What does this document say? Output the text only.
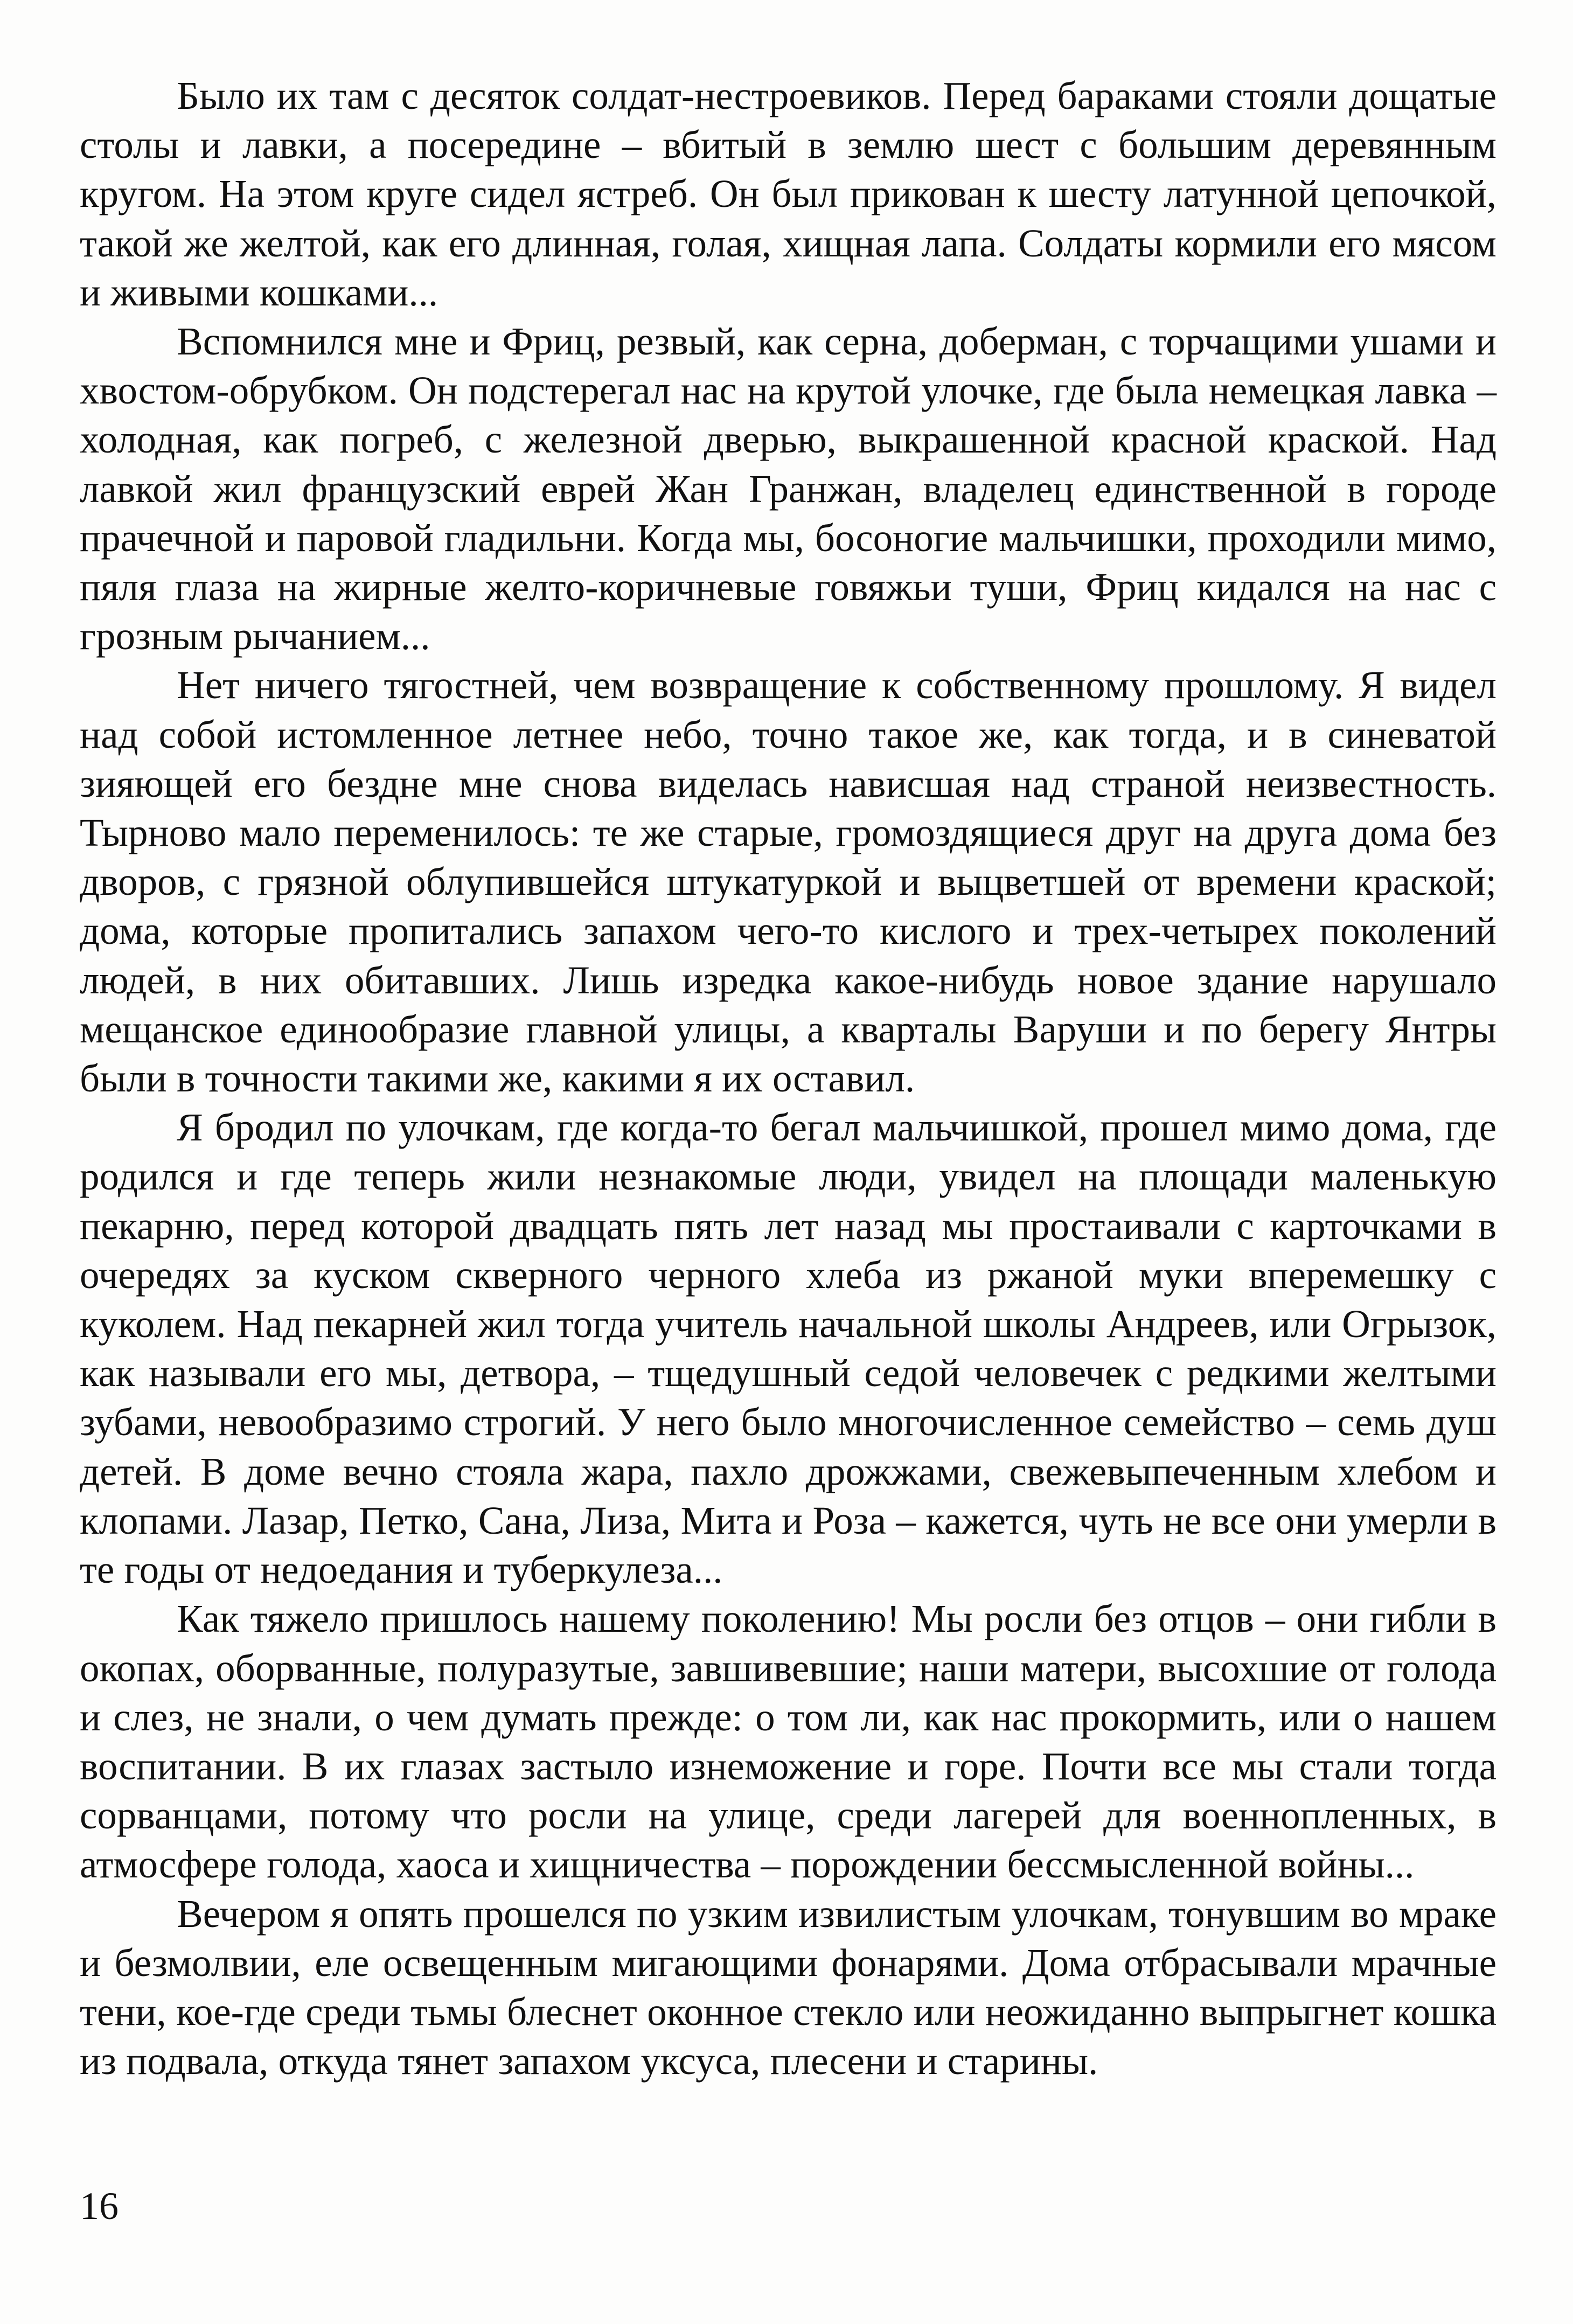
Было их там с десяток солдат-нестроевиков. Перед бараками стояли дощатые столы и лавки, а посередине – вбитый в землю шест с большим деревянным кругом. На этом круге сидел ястреб. Он был прикован к шесту латунной цепочкой, такой же желтой, как его длинная, голая, хищная лапа. Солдаты кормили его мясом и живыми кошками...

Вспомнился мне и Фриц, резвый, как серна, доберман, с торчащими ушами и хвостом-обрубком. Он подстерегал нас на крутой улочке, где была немецкая лавка – холодная, как погреб, с железной дверью, выкрашенной красной краской. Над лавкой жил французский еврей Жан Гранжан, владелец единственной в городе прачечной и паровой гладильни. Когда мы, босоногие мальчишки, проходили мимо, пяля глаза на жирные желто-коричневые говяжьи туши, Фриц кидался на нас с грозным рычанием...

Нет ничего тягостней, чем возвращение к собственному прошлому. Я видел над собой истомленное летнее небо, точно такое же, как тогда, и в синеватой зияющей его бездне мне снова виделась нависшая над страной неизвестность. Тырново мало переменилось: те же старые, громоздящиеся друг на друга дома без дворов, с грязной облупившейся штукатуркой и выцветшей от времени краской; дома, которые пропитались запахом чего-то кислого и трех-четырех поколений людей, в них обитавших. Лишь изредка какое-нибудь новое здание нарушало мещанское единообразие главной улицы, а кварталы Варуши и по берегу Янтры были в точности такими же, какими я их оставил.

Я бродил по улочкам, где когда-то бегал мальчишкой, прошел мимо дома, где родился и где теперь жили незнакомые люди, увидел на площади маленькую пекарню, перед которой двадцать пять лет назад мы простаивали с карточками в очередях за куском скверного черного хлеба из ржаной муки вперемешку с куколем. Над пекарней жил тогда учитель начальной школы Андреев, или Огрызок, как называли его мы, детвора, – тщедушный седой человечек с редкими желтыми зубами, невообразимо строгий. У него было многочисленное семейство – семь душ детей. В доме вечно стояла жара, пахло дрожжами, свежевыпеченным хлебом и клопами. Лазар, Петко, Сана, Лиза, Мита и Роза – кажется, чуть не все они умерли в те годы от недоедания и туберкулеза...

Как тяжело пришлось нашему поколению! Мы росли без отцов – они гибли в окопах, оборванные, полуразутые, завшивевшие; наши матери, высохшие от голода и слез, не знали, о чем думать прежде: о том ли, как нас прокормить, или о нашем воспитании. В их глазах застыло изнеможение и горе. Почти все мы стали тогда сорванцами, потому что росли на улице, среди лагерей для военнопленных, в атмосфере голода, хаоса и хищничества – порождении бессмысленной войны...

Вечером я опять прошелся по узким извилистым улочкам, тонувшим во мраке и безмолвии, еле освещенным мигающими фонарями. Дома отбрасывали мрачные тени, кое-где среди тьмы блеснет оконное стекло или неожиданно выпрыгнет кошка из подвала, откуда тянет запахом уксуса, плесени и старины.

16
